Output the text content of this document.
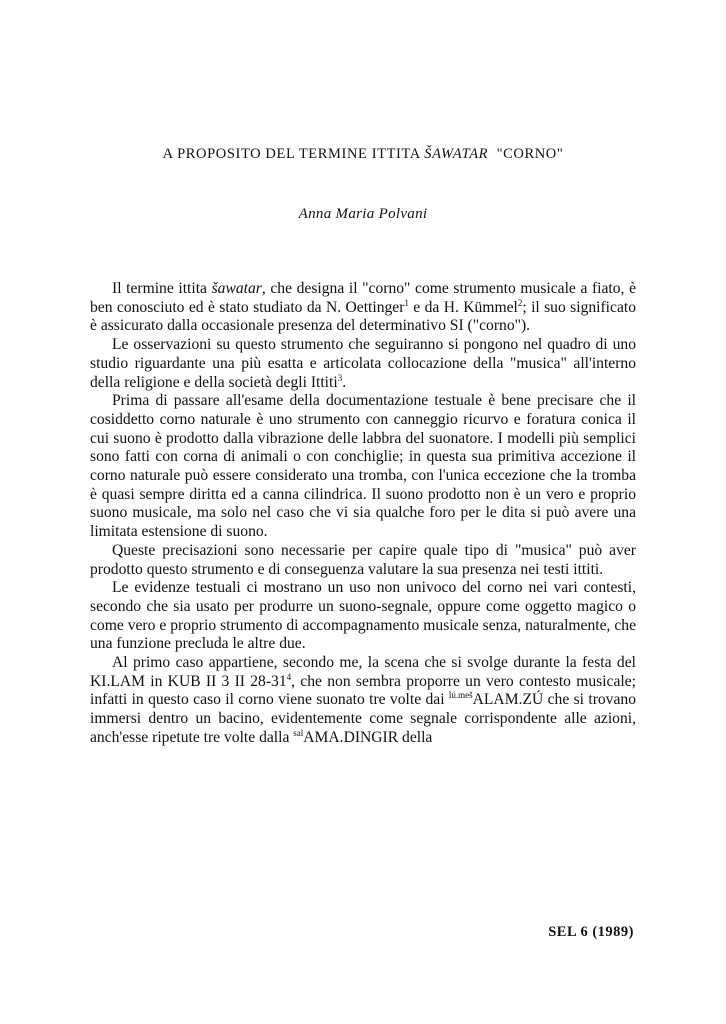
A PROPOSITO DEL TERMINE ITTITA ŠAWATAR "CORNO"
Anna Maria Polvani

Il termine ittita šawatar, che designa il "corno" come strumento musicale a fiato, è ben conosciuto ed è stato studiato da N. Oettinger$^1$ e da H. Kümmel$^2$; il suo significato è assicurato dalla occasionale presenza del determinativo SI ("corno").

Le osservazioni su questo strumento che seguiranno si pongono nel quadro di uno studio riguardante una più esatta e articolata collocazione della "musica" all'interno della religione e della società degli Ittiti$^3$.

Prima di passare all'esame della documentazione testuale è bene precisare che il cosiddetto corno naturale è uno strumento con canneggio ricurvo e foratura conica il cui suono è prodotto dalla vibrazione delle labbra del suonatore. I modelli più semplici sono fatti con corna di animali o con conchiglie; in questa sua primitiva accezione il corno naturale può essere considerato una tromba, con l'unica eccezione che la tromba è quasi sempre diritta ed a canna cilindrica. Il suono prodotto non è un vero e proprio suono musicale, ma solo nel caso che vi sia qualche foro per le dita si può avere una limitata estensione di suono.

Queste precisazioni sono necessarie per capire quale tipo di "musica" può aver prodotto questo strumento e di conseguenza valutare la sua presenza nei testi ittiti.

Le evidenze testuali ci mostrano un uso non univoco del corno nei vari contesti, secondo che sia usato per produrre un suono-segnale, oppure come oggetto magico o come vero e proprio strumento di accompagnamento musicale senza, naturalmente, che una funzione precluda le altre due.

Al primo caso appartiene, secondo me, la scena che si svolge durante la festa del KI.LAM in KUB II 3 II $28-31^4$, che non sembra proporre un vero contesto musicale; infatti in questo caso il corno viene suonato tre volte dai $^{lú.meš}$ALAM.ZÚ che si trovano immersi dentro un bacino, evidentemente come segnale corrispondente alle azioni, anch'esse ripetute tre volte dalla $^{sal}$AMA.DINGIR della

SEL 6 (1989)
